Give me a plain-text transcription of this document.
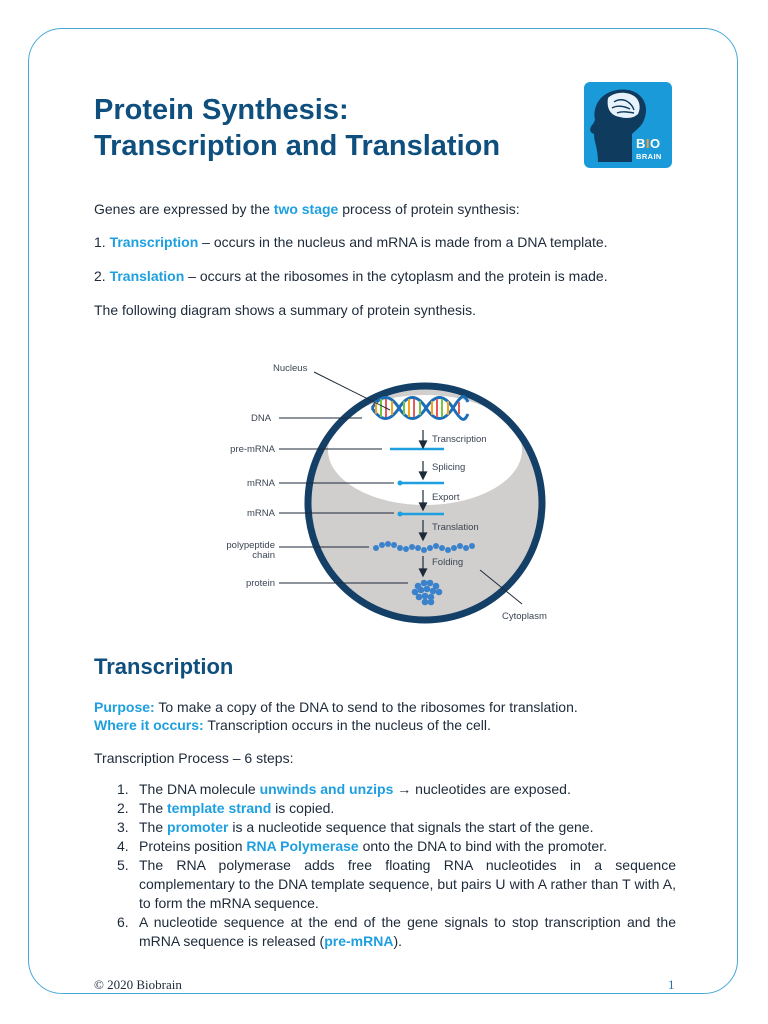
Protein Synthesis:
Transcription and Translation	BIO
BRAIN

Genes are expressed by the two stage process of protein synthesis:

1. Transcription – occurs in the nucleus and mRNA is made from a DNA template.

2. Translation – occurs at the ribosomes in the cytoplasm and the protein is made.

The following diagram shows a summary of protein synthesis.

Nucleus
DNA
pre-mRNA
mRNA
mRNA
polypeptide
chain
protein
Cytoplasm
Transcription
Splicing
Export
Translation
Folding
Transcription

Purpose: To make a copy of the DNA to send to the ribosomes for translation.

Where it occurs: Transcription occurs in the nucleus of the cell.

Transcription Process – 6 steps:

1. The DNA molecule unwinds and unzips → nucleotides are exposed.
2. The template strand is copied.
3. The promoter is a nucleotide sequence that signals the start of the gene.
4. Proteins position RNA Polymerase onto the DNA to bind with the promoter.
5. The RNA polymerase adds free floating RNA nucleotides in a sequence complementary to the DNA template sequence, but pairs U with A rather than T with A, to form the mRNA sequence.
6. A nucleotide sequence at the end of the gene signals to stop transcription and the mRNA sequence is released (pre-mRNA).
© 2020 Biobrain	1
